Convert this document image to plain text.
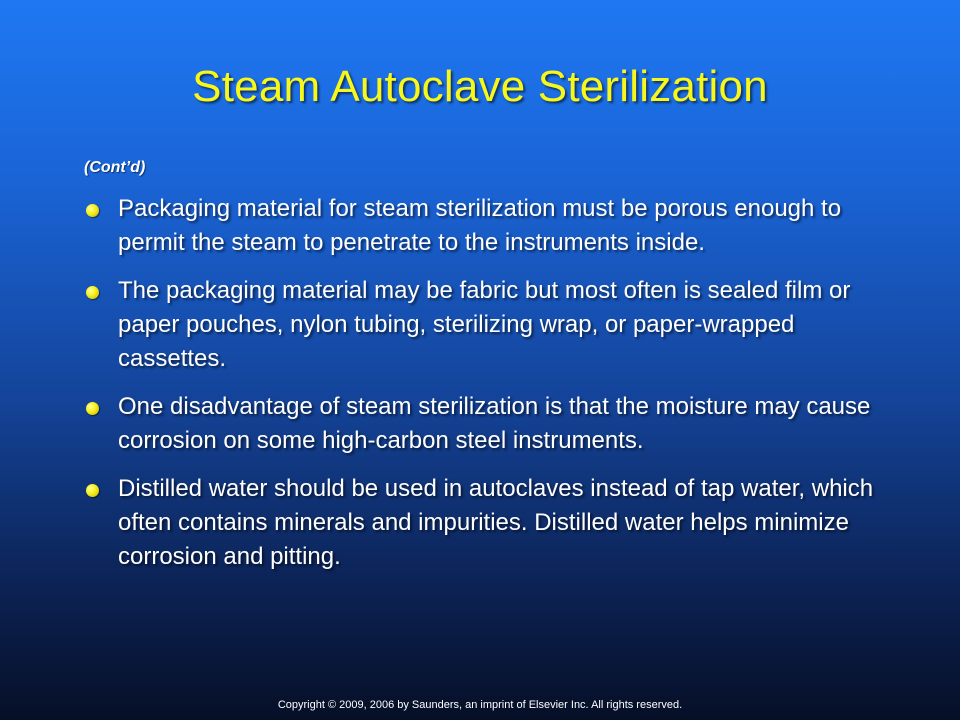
Steam Autoclave Sterilization
(Cont’d)
Packaging material for steam sterilization must be porous enough to permit the steam to penetrate to the instruments inside.
The packaging material may be fabric but most often is sealed film or paper pouches, nylon tubing, sterilizing wrap, or paper-wrapped cassettes.
One disadvantage of steam sterilization is that the moisture may cause corrosion on some high-carbon steel instruments.
Distilled water should be used in autoclaves instead of tap water, which often contains minerals and impurities. Distilled water helps minimize corrosion and pitting.
Copyright © 2009, 2006 by Saunders, an imprint of Elsevier Inc. All rights reserved.
